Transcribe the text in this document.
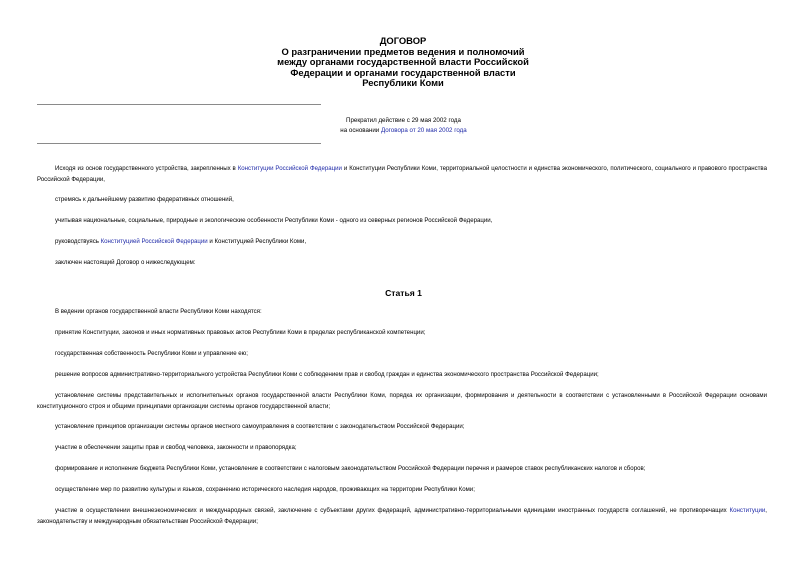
ДОГОВОР
О разграничении предметов ведения и полномочий
между органами государственной власти Российской
Федерации и органами государственной власти
Республики Коми
Прекратил действие с 29 мая 2002 года
на основании Договора от 20 мая 2002 года
Исходя из основ государственного устройства, закрепленных в Конституции Российской Федерации и Конституции Республики Коми, территориальной целостности и единства экономического, политического, социального и правового пространства Российской Федерации,
стремясь к дальнейшему развитию федеративных отношений,
учитывая национальные, социальные, природные и экологические особенности Республики Коми - одного из северных регионов Российской Федерации,
руководствуясь Конституцией Российской Федерации и Конституцией Республики Коми,
заключен настоящий Договор о нижеследующем:
Статья 1
В ведении органов государственной власти Республики Коми находятся:
принятие Конституции, законов и иных нормативных правовых актов Республики Коми в пределах республиканской компетенции;
государственная собственность Республики Коми и управление ею;
решение вопросов административно-территориального устройства Республики Коми с соблюдением прав и свобод граждан и единства экономического пространства Российской Федерации;
установление системы представительных и исполнительных органов государственной власти Республики Коми, порядка их организации, формирования и деятельности в соответствии с установленными в Российской Федерации основами конституционного строя и общими принципами организации системы органов государственной власти;
установление принципов организации системы органов местного самоуправления в соответствии с законодательством Российской Федерации;
участие в обеспечении защиты прав и свобод человека, законности и правопорядка;
формирование и исполнение бюджета Республики Коми, установление в соответствии с налоговым законодательством Российской Федерации перечня и размеров ставок республиканских налогов и сборов;
осуществление мер по развитию культуры и языков, сохранению исторического наследия народов, проживающих на территории Республики Коми;
участие в осуществлении внешнеэкономических и международных связей, заключение с субъектами других федераций, административно-территориальными единицами иностранных государств соглашений, не противоречащих Конституции, законодательству и международным обязательствам Российской Федерации;
